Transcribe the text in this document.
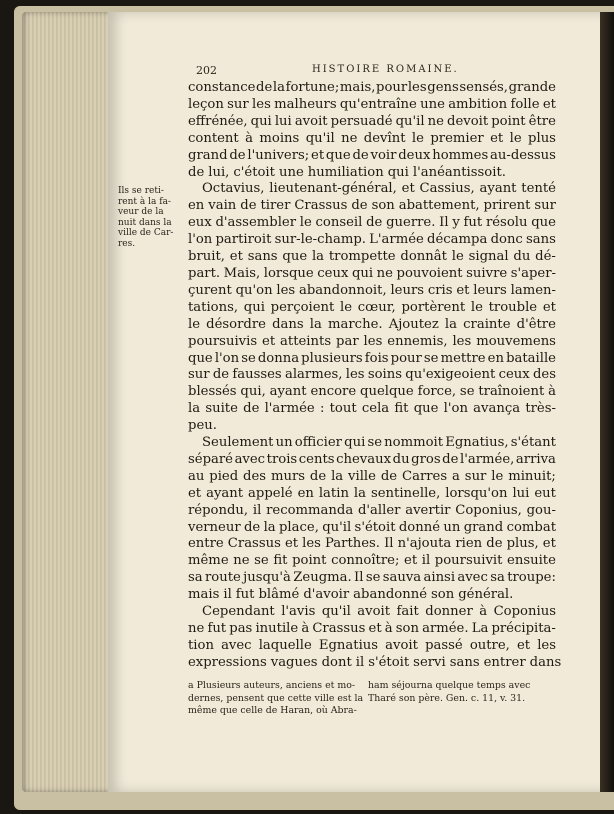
202	HISTOIRE ROMAINE.
Ils se reti-
rent à la fa-
veur de la
nuit dans la
ville de Car-
res.
constance de la fortune; mais, pour les gens sensés, grande
leçon sur les malheurs qu'entraîne une ambition folle et
effrénée, qui lui avoit persuadé qu'il ne devoit point être
content à moins qu'il ne devînt le premier et le plus
grand de l'univers; et que de voir deux hommes au-dessus
de lui, c'étoit une humiliation qui l'anéantissoit.
Octavius, lieutenant-général, et Cassius, ayant tenté
en vain de tirer Crassus de son abattement, prirent sur
eux d'assembler le conseil de guerre. Il y fut résolu que
l'on partiroit sur-le-champ. L'armée décampa donc sans
bruit, et sans que la trompette donnât le signal du dé-
part. Mais, lorsque ceux qui ne pouvoient suivre s'aper-
çurent qu'on les abandonnoit, leurs cris et leurs lamen-
tations, qui perçoient le cœur, portèrent le trouble et
le désordre dans la marche. Ajoutez la crainte d'être
poursuivis et atteints par les ennemis, les mouvemens
que l'on se donna plusieurs fois pour se mettre en bataille
sur de fausses alarmes, les soins qu'exigeoient ceux des
blessés qui, ayant encore quelque force, se traînoient à
la suite de l'armée : tout cela fit que l'on avança très-
peu.
Seulement un officier qui se nommoit Egnatius, s'étant
séparé avec trois cents chevaux du gros de l'armée, arriva
au pied des murs de la ville de Carres a sur le minuit;
et ayant appelé en latin la sentinelle, lorsqu'on lui eut
répondu, il recommanda d'aller avertir Coponius, gou-
verneur de la place, qu'il s'étoit donné un grand combat
entre Crassus et les Parthes. Il n'ajouta rien de plus, et
même ne se fit point connoître; et il poursuivit ensuite
sa route jusqu'à Zeugma. Il se sauva ainsi avec sa troupe:
mais il fut blâmé d'avoir abandonné son général.
Cependant l'avis qu'il avoit fait donner à Coponius
ne fut pas inutile à Crassus et à son armée. La précipita-
tion avec laquelle Egnatius avoit passé outre, et les
expressions vagues dont il s'étoit servi sans entrer dans
a Plusieurs auteurs, anciens et mo-
dernes, pensent que cette ville est la
même que celle de Haran, où Abra-
ham séjourna quelque temps avec
Tharé son père. Gen. c. 11, v. 31.
